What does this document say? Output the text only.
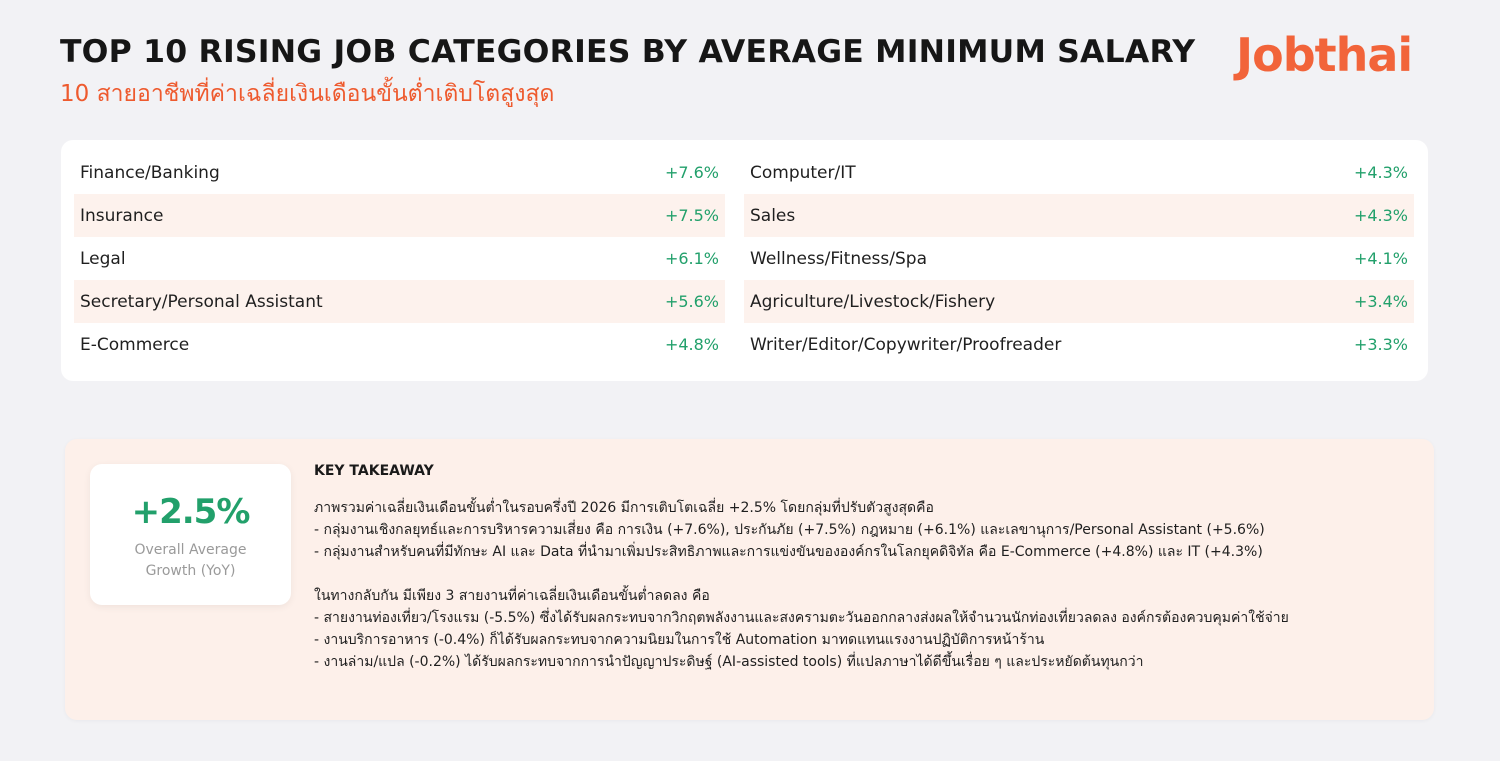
TOP 10 RISING JOB CATEGORIES BY AVERAGE MINIMUM SALARY
10 สายอาชีพที่ค่าเฉลี่ยเงินเดือนขั้นต่ำเติบโตสูงสุด
Jobthai
Finance/Banking	+7.6%
Insurance	+7.5%
Legal	+6.1%
Secretary/Personal Assistant	+5.6%
E-Commerce	+4.8%
Computer/IT	+4.3%
Sales	+4.3%
Wellness/Fitness/Spa	+4.1%
Agriculture/Livestock/Fishery	+3.4%
Writer/Editor/Copywriter/Proofreader	+3.3%
+2.5%
Overall Average
Growth (YoY)
KEY TAKEAWAY
ภาพรวมค่าเฉลี่ยเงินเดือนขั้นต่ำในรอบครึ่งปี 2026 มีการเติบโตเฉลี่ย +2.5% โดยกลุ่มที่ปรับตัวสูงสุดคือ
- กลุ่มงานเชิงกลยุทธ์และการบริหารความเสี่ยง คือ การเงิน (+7.6%), ประกันภัย (+7.5%) กฎหมาย (+6.1%) และเลขานุการ/Personal Assistant (+5.6%)
- กลุ่มงานสำหรับคนที่มีทักษะ AI และ Data ที่นำมาเพิ่มประสิทธิภาพและการแข่งขันขององค์กรในโลกยุคดิจิทัล คือ E-Commerce (+4.8%) และ IT (+4.3%)
ในทางกลับกัน มีเพียง 3 สายงานที่ค่าเฉลี่ยเงินเดือนขั้นต่ำลดลง คือ
- สายงานท่องเที่ยว/โรงแรม (-5.5%) ซึ่งได้รับผลกระทบจากวิกฤตพลังงานและสงครามตะวันออกกลางส่งผลให้จำนวนนักท่องเที่ยวลดลง องค์กรต้องควบคุมค่าใช้จ่าย
- งานบริการอาหาร (-0.4%) ก็ได้รับผลกระทบจากความนิยมในการใช้ Automation มาทดแทนแรงงานปฏิบัติการหน้าร้าน
- งานล่าม/แปล (-0.2%) ได้รับผลกระทบจากการนำปัญญาประดิษฐ์ (AI-assisted tools) ที่แปลภาษาได้ดีขึ้นเรื่อย ๆ และประหยัดต้นทุนกว่า
